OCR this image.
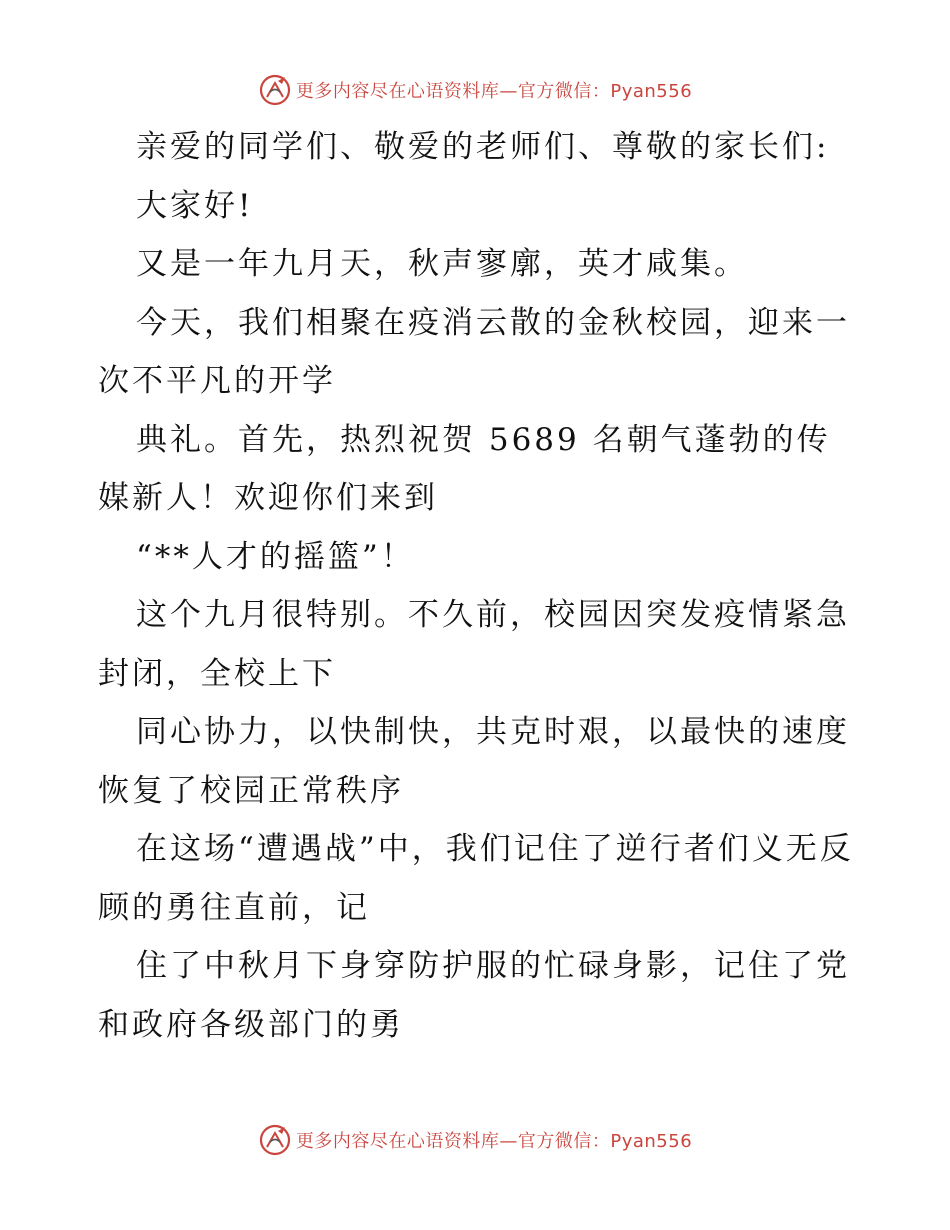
更多内容尽在心语资料库—官方微信：Pyan556

亲爱的同学们、敬爱的老师们、尊敬的家长们:

大家好!

又是一年九月天，秋声寥廓，英才咸集。

今天，我们相聚在疫消云散的金秋校园，迎来一次不平凡的开学

典礼。首先，热烈祝贺 5689 名朝气蓬勃的传媒新人！欢迎你们来到

“**人才的摇篮”！

这个九月很特别。不久前，校园因突发疫情紧急封闭，全校上下

同心协力，以快制快，共克时艰，以最快的速度恢复了校园正常秩序

在这场“遭遇战”中，我们记住了逆行者们义无反顾的勇往直前，记

住了中秋月下身穿防护服的忙碌身影，记住了党和政府各级部门的勇

更多内容尽在心语资料库—官方微信：Pyan556
